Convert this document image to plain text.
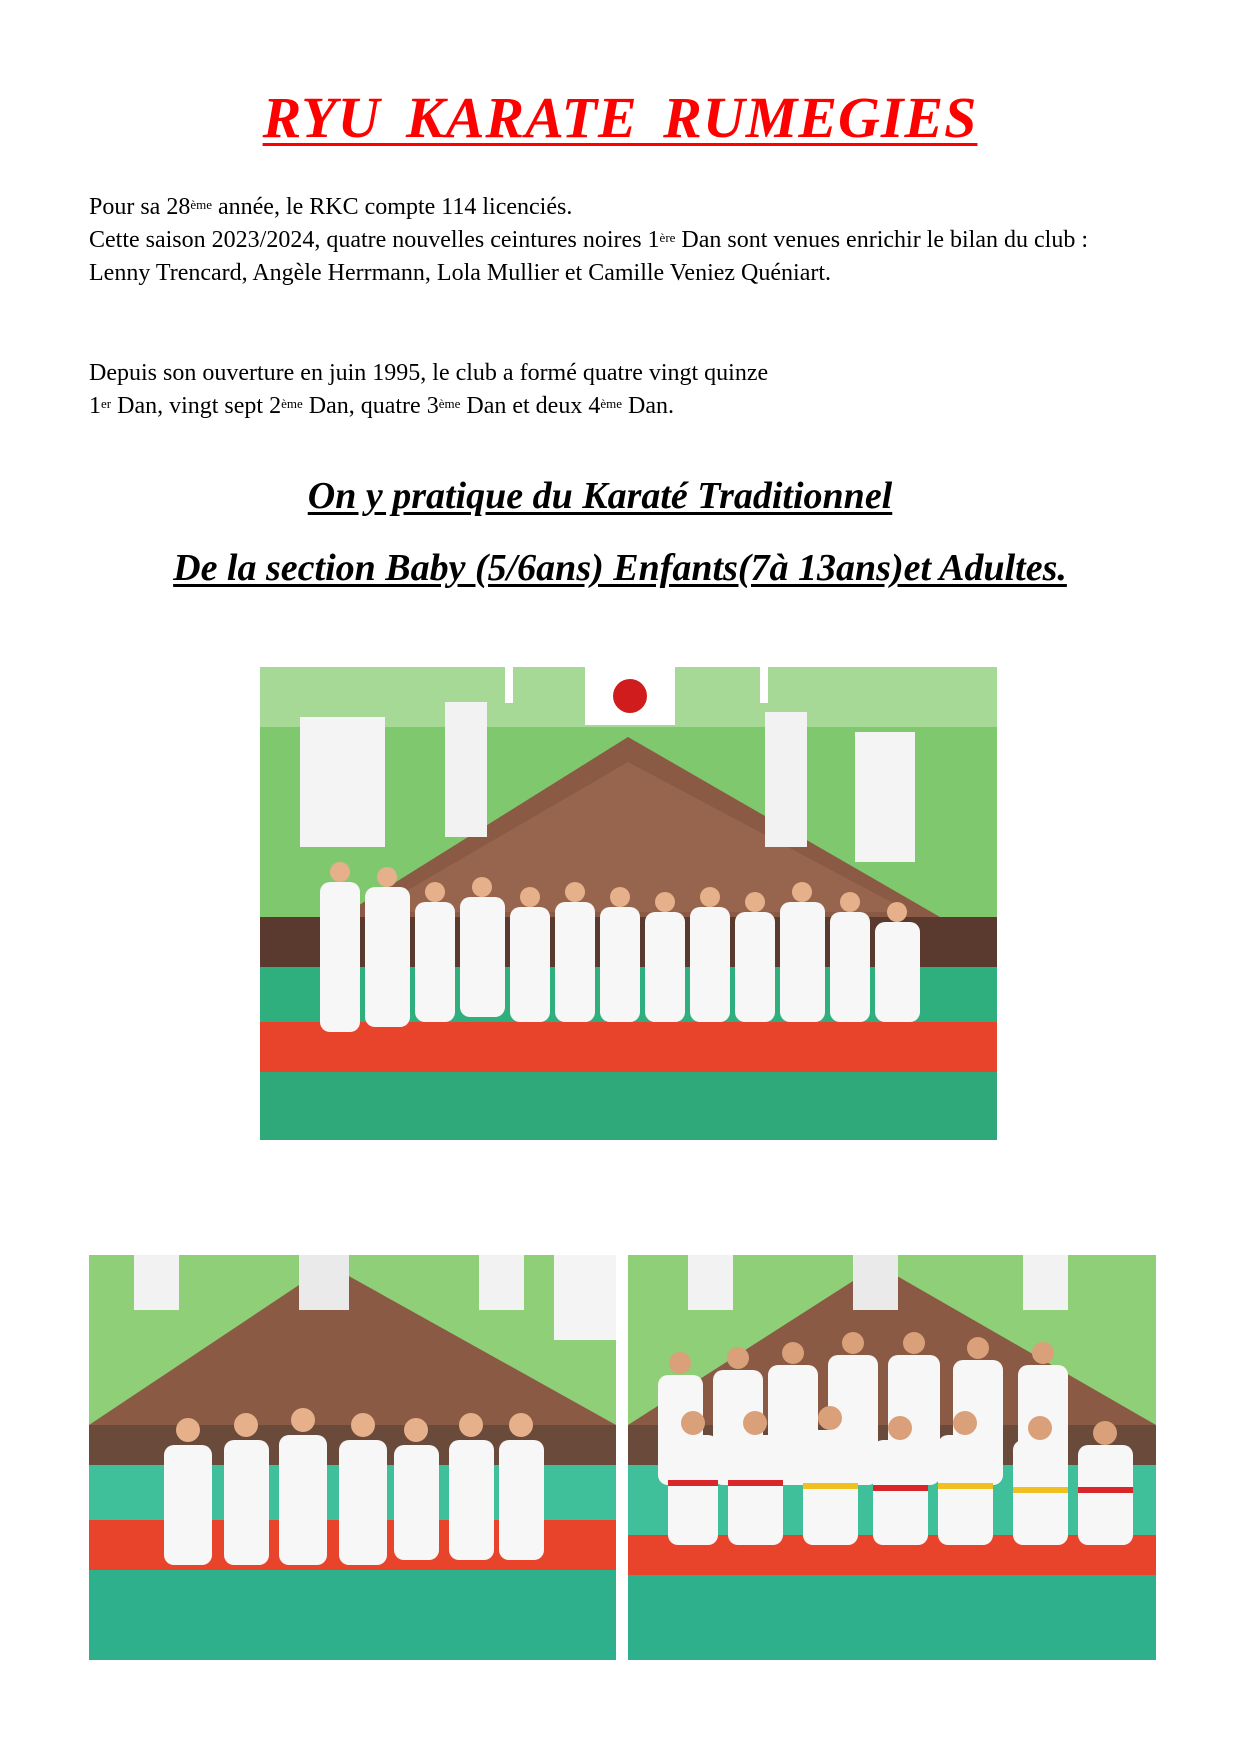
RYU KARATE RUMEGIES

Pour sa 28ème année, le RKC compte 114 licenciés.
Cette saison 2023/2024, quatre nouvelles ceintures noires 1ère Dan sont venues enrichir le bilan du club :
Lenny Trencard, Angèle Herrmann, Lola Mullier et Camille Veniez Quéniart.

Depuis son ouverture en juin 1995, le club a formé quatre vingt quinze
1er Dan, vingt sept 2ème Dan, quatre 3ème Dan et deux 4ème Dan.

On y pratique du Karaté Traditionnel
De la section Baby (5/6ans) Enfants(7à 13ans)et Adultes.
